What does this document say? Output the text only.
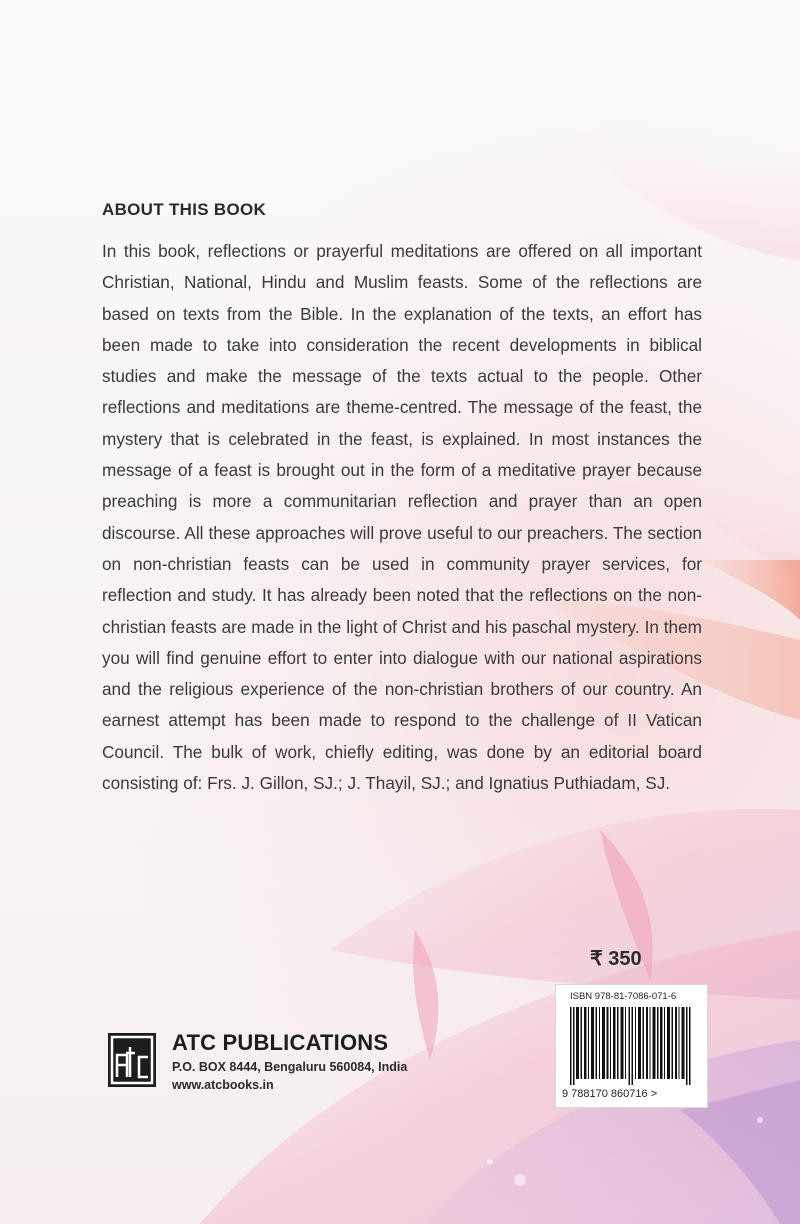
ABOUT THIS BOOK
In this book, reflections or prayerful meditations are offered on all important Christian, National, Hindu and Muslim feasts. Some of the reflections are based on texts from the Bible. In the explanation of the texts, an effort has been made to take into consideration the recent developments in biblical studies and make the message of the texts actual to the people. Other reflections and meditations are theme-centred. The message of the feast, the mystery that is celebrated in the feast, is explained. In most instances the message of a feast is brought out in the form of a meditative prayer because preaching is more a communitarian reflection and prayer than an open discourse. All these approaches will prove useful to our preachers. The section on non-christian feasts can be used in community prayer services, for reflection and study. It has already been noted that the reflections on the non-christian feasts are made in the light of Christ and his paschal mystery. In them you will find genuine effort to enter into dialogue with our national aspirations and the religious experience of the non-christian brothers of our country. An earnest attempt has been made to respond to the challenge of II Vatican Council. The bulk of work, chiefly editing, was done by an editorial board consisting of: Frs. J. Gillon, SJ.; J. Thayil, SJ.; and Ignatius Puthiadam, SJ.
₹ 350
ISBN 978-81-7086-071-6
9 788170 860716 >
ATC PUBLICATIONS
P.O. BOX 8444, Bengaluru 560084, India
www.atcbooks.in
